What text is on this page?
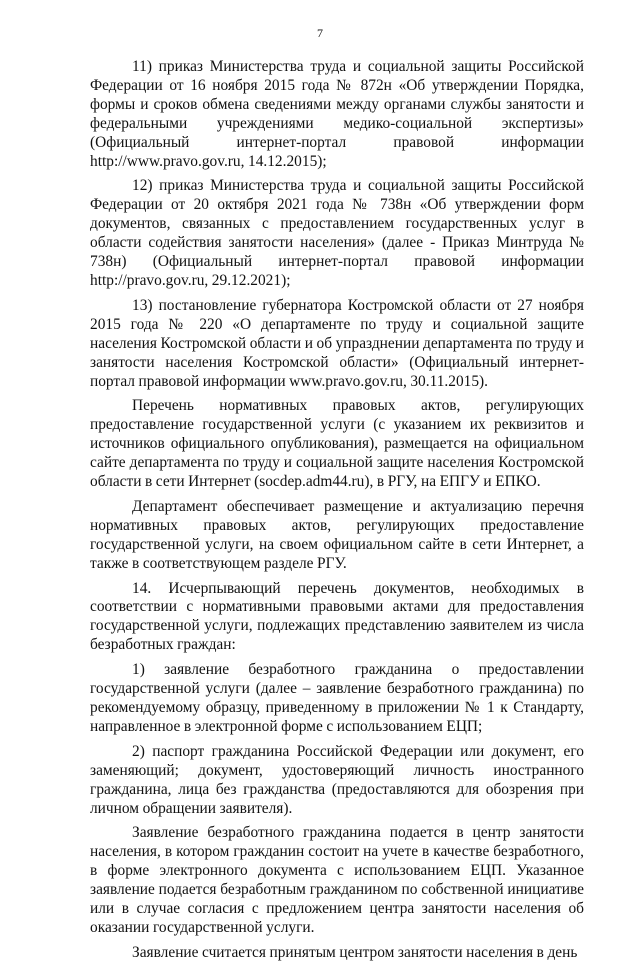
7

11) приказ Министерства труда и социальной защиты Российской Федерации от 16 ноября 2015 года № 872н «Об утверждении Порядка, формы и сроков обмена сведениями между органами службы занятости и федеральными учреждениями медико-социальной экспертизы» (Официальный интернет-портал правовой информации http://www.pravo.gov.ru, 14.12.2015);

12) приказ Министерства труда и социальной защиты Российской Федерации от 20 октября 2021 года № 738н «Об утверждении форм документов, связанных с предоставлением государственных услуг в области содействия занятости населения» (далее - Приказ Минтруда № 738н) (Официальный интернет-портал правовой информации http://pravo.gov.ru, 29.12.2021);

13) постановление губернатора Костромской области от 27 ноября 2015 года № 220 «О департаменте по труду и социальной защите населения Костромской области и об упразднении департамента по труду и занятости населения Костромской области» (Официальный интернет-портал правовой информации www.pravo.gov.ru, 30.11.2015).

Перечень нормативных правовых актов, регулирующих предоставление государственной услуги (с указанием их реквизитов и источников официального опубликования), размещается на официальном сайте департамента по труду и социальной защите населения Костромской области в сети Интернет (socdep.adm44.ru), в РГУ, на ЕПГУ и ЕПКО.

Департамент обеспечивает размещение и актуализацию перечня нормативных правовых актов, регулирующих предоставление государственной услуги, на своем официальном сайте в сети Интернет, а также в соответствующем разделе РГУ.

14. Исчерпывающий перечень документов, необходимых в соответствии с нормативными правовыми актами для предоставления государственной услуги, подлежащих представлению заявителем из числа безработных граждан:

1) заявление безработного гражданина о предоставлении государственной услуги (далее – заявление безработного гражданина) по рекомендуемому образцу, приведенному в приложении № 1 к Стандарту, направленное в электронной форме с использованием ЕЦП;

2) паспорт гражданина Российской Федерации или документ, его заменяющий; документ, удостоверяющий личность иностранного гражданина, лица без гражданства (предоставляются для обозрения при личном обращении заявителя).

Заявление безработного гражданина подается в центр занятости населения, в котором гражданин состоит на учете в качестве безработного, в форме электронного документа с использованием ЕЦП. Указанное заявление подается безработным гражданином по собственной инициативе или в случае согласия с предложением центра занятости населения об оказании государственной услуги.

Заявление считается принятым центром занятости населения в день
